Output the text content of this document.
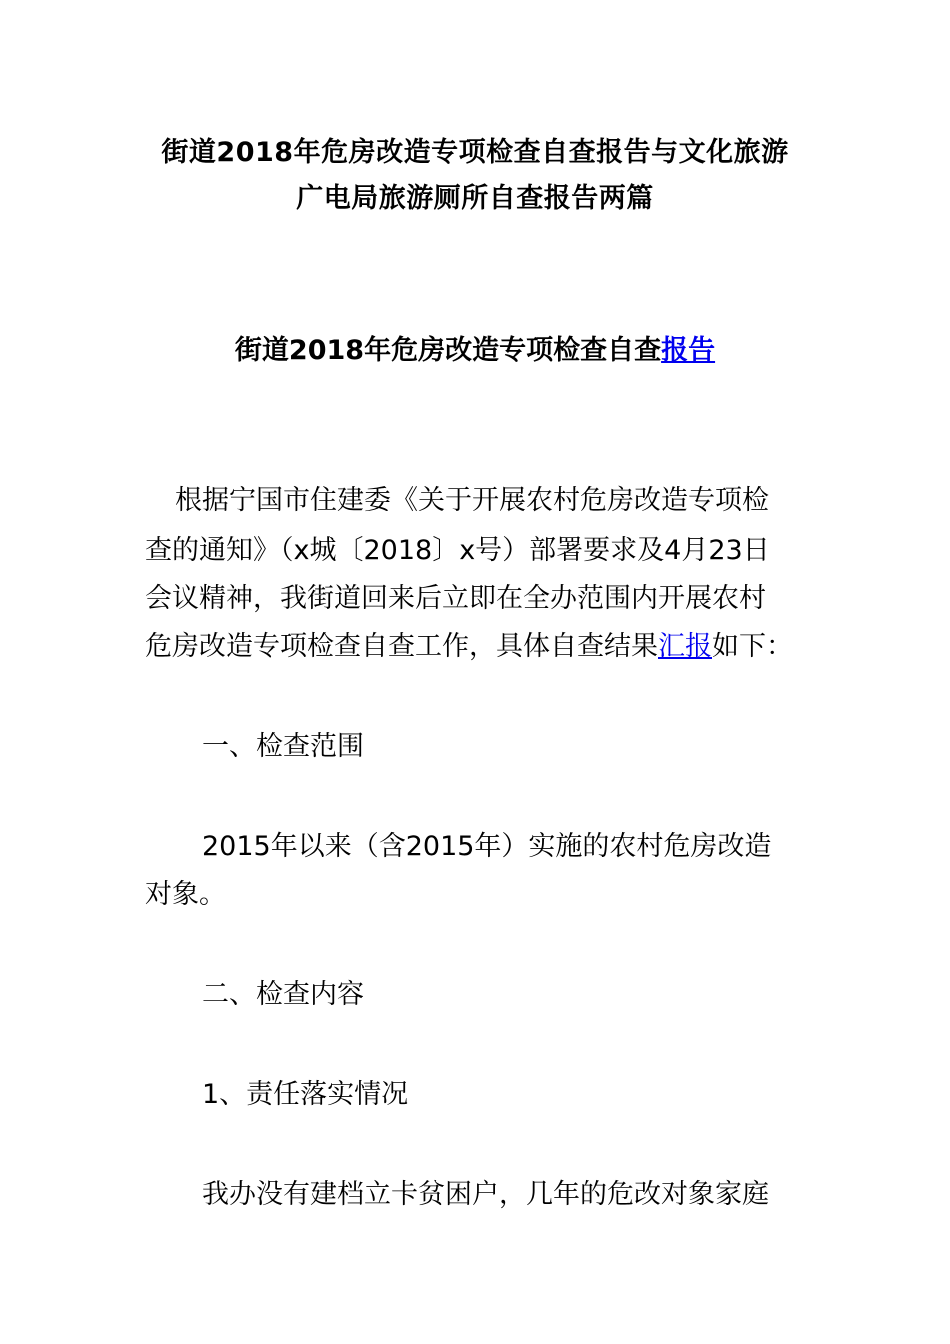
街道2018年危房改造专项检查自查报告与文化旅游
广电局旅游厕所自查报告两篇
街道2018年危房改造专项检查自查报告

根据宁国市住建委《关于开展农村危房改造专项检

查的通知》（x城〔2018〕x号）部署要求及4月23日

会议精神，我街道回来后立即在全办范围内开展农村

危房改造专项检查自查工作，具体自查结果汇报如下：

一、检查范围

2015年以来（含2015年）实施的农村危房改造

对象。

二、检查内容

1、责任落实情况

我办没有建档立卡贫困户，几年的危改对象家庭
